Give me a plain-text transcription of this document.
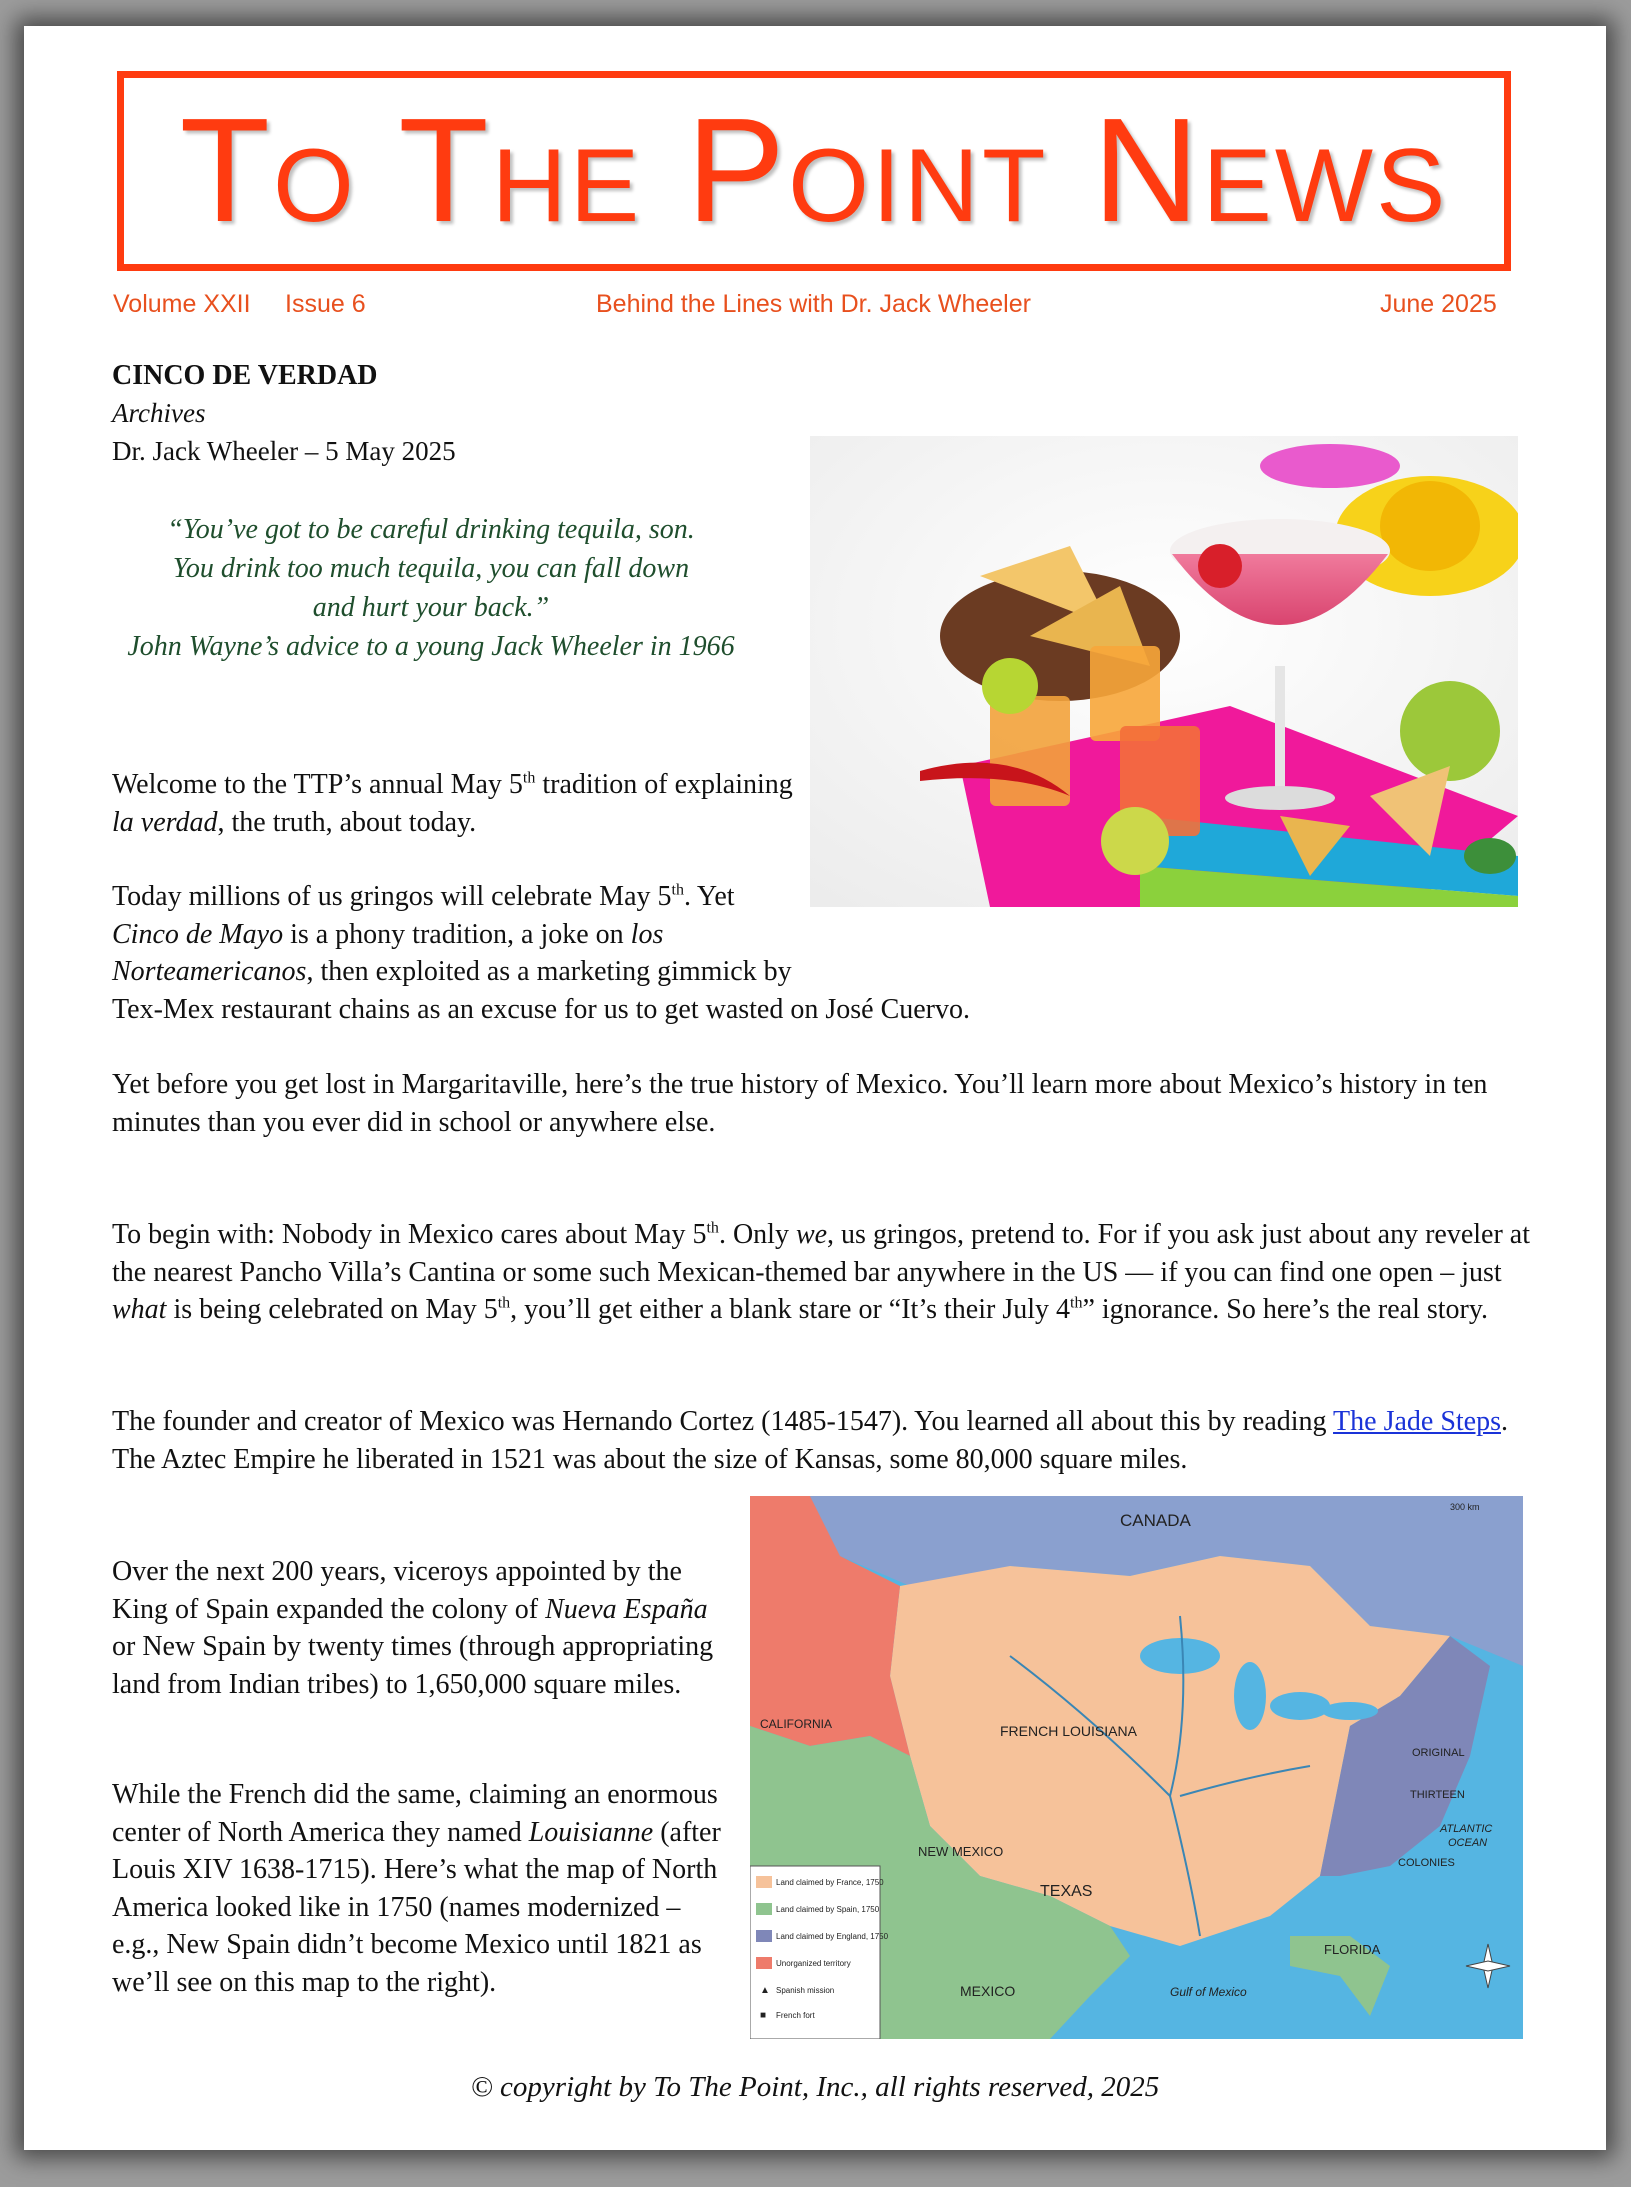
To The Point News
Volume XXII Issue 6	Behind the Lines with Dr. Jack Wheeler	June 2025
CINCO DE VERDAD
Archives
Dr. Jack Wheeler – 5 May 2025

“You’ve got to be careful drinking tequila, son.

You drink too much tequila, you can fall down

and hurt your back.”

John Wayne’s advice to a young Jack Wheeler in 1966

Welcome to the TTP’s annual May 5th tradition of explaining la verdad, the truth, about today.

Today millions of us gringos will celebrate May 5th. Yet Cinco de Mayo is a phony tradition, a joke on los Norteamericanos, then exploited as a marketing gimmick by Tex-Mex restaurant chains as an excuse for us to get wasted on José Cuervo.

Yet before you get lost in Margaritaville, here’s the true history of Mexico. You’ll learn more about Mexico’s history in ten minutes than you ever did in school or anywhere else.

To begin with: Nobody in Mexico cares about May 5th. Only we, us gringos, pretend to. For if you ask just about any reveler at the nearest Pancho Villa’s Cantina or some such Mexican-themed bar anywhere in the US — if you can find one open – just what is being celebrated on May 5th, you’ll get either a blank stare or “It’s their July 4th” ignorance. So here’s the real story.

The founder and creator of Mexico was Hernando Cortez (1485-1547). You learned all about this by reading The Jade Steps. The Aztec Empire he liberated in 1521 was about the size of Kansas, some 80,000 square miles.

Over the next 200 years, viceroys appointed by the King of Spain expanded the colony of Nueva España or New Spain by twenty times (through appropriating land from Indian tribes) to 1,650,000 square miles.

While the French did the same, claiming an enormous center of North America they named Louisianne (after Louis XIV 1638-1715). Here’s what the map of North America looked like in 1750 (names modernized – e.g., New Spain didn’t become Mexico until 1821 as we’ll see on this map to the right).

CANADA
FRENCH LOUISIANA
CALIFORNIA
NEW MEXICO
TEXAS
MEXICO
FLORIDA
ORIGINAL
THIRTEEN
COLONIES
ATLANTIC
OCEAN
Gulf of Mexico
300 km
Land claimed by France, 1750
Land claimed by Spain, 1750
Land claimed by England, 1750
Unorganized territory
▲ Spanish mission
■ French fort
© copyright by To The Point, Inc., all rights reserved, 2025
